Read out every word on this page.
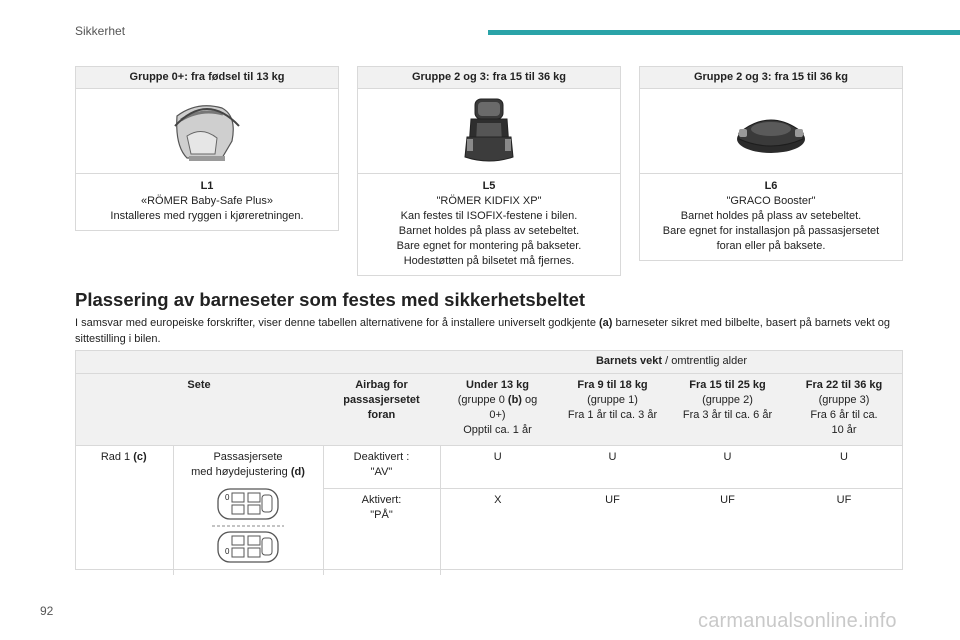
Sikkerhet
Gruppe 0+: fra fødsel til 13 kg
L1
«RÖMER Baby-Safe Plus»
Installeres med ryggen i kjøreretningen.
Gruppe 2 og 3: fra 15 til 36 kg
L5
"RÖMER KIDFIX XP"
Kan festes til ISOFIX-festene i bilen.
Barnet holdes på plass av setebeltet.
Bare egnet for montering på bakseter.
Hodestøtten på bilsetet må fjernes.
Gruppe 2 og 3: fra 15 til 36 kg
L6
"GRACO Booster"
Barnet holdes på plass av setebeltet.
Bare egnet for installasjon på passasjersetet
foran eller på baksete.
Plassering av barneseter som festes med sikkerhetsbeltet
I samsvar med europeiske forskrifter, viser denne tabellen alternativene for å installere universelt godkjente (a) barneseter sikret med bilbelte, basert på barnets vekt og sittestilling i bilen.
			Barnets vekt / omtrentlig alder			
Sete		Airbag for
passasjersetet
foran	Under 13 kg
(gruppe 0 (b) og
0+)
Opptil ca. 1 år	Fra 9 til 18 kg
(gruppe 1)
Fra 1 år til ca. 3 år	Fra 15 til 25 kg
(gruppe 2)
Fra 3 år til ca. 6 år	Fra 22 til 36 kg
(gruppe 3)
Fra 6 år til ca.
10 år
Rad 1 (c)	Passasjersete
med høydejustering (d)
0
0	Deaktivert :
"AV"	U	U	U	U
		Aktivert:
"PÅ"	X	UF	UF	UF
92	carmanualsonline.info
